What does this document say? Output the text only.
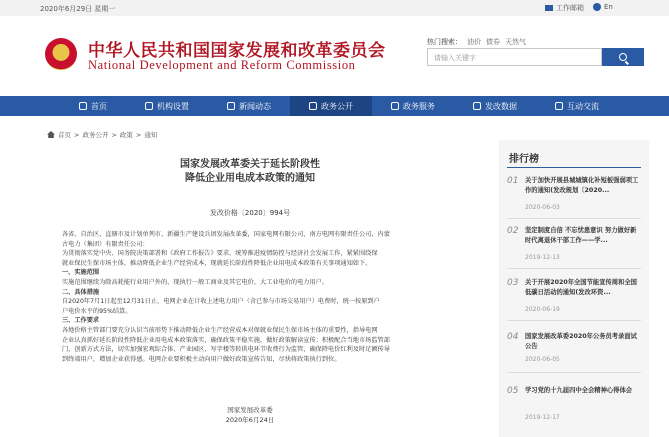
2020年6月29日 星期一	工作邮箱	En
中华人民共和国国家发展和改革委员会
National Development and Reform Commission
热门搜索： 油价 债券 天然气
请输入关键字
首页	机构设置	新闻动态	政务公开	政务服务	发改数据	互动交流
首页 > 政务公开 > 政策 > 通知
国家发展改革委关于延长阶段性
降低企业用电成本政策的通知
发改价格〔2020〕994号

各省、自治区、直辖市及计划单列市、新疆生产建设兵团发展改革委，国家电网有限公司、南方电网有限责任公司、内蒙

古电力（集团）有限责任公司：

为贯彻落实党中央、国务院决策部署和《政府工作报告》要求，统筹推进疫情防控与经济社会发展工作，紧紧围绕保

就业保民生保市场主体，推动降低企业生产经营成本，现就延长阶段性降低企业用电成本政策有关事项通知如下。

一、实施范围

实施范围继续为除高耗能行业用户外的、现执行一般工商业及其它电价、大工业电价的电力用户。

二、具体措施

自2020年7月1日起至12月31日止，电网企业在计收上述电力用户（含已参与市场交易用户）电费时，统一按原到户

户电价水平的95%结算。

三、工作要求

各地价格主管部门要充分认识当前形势下推动降低企业生产经营成本对保就业保民生保市场主体的重要性，指导电网

企业认真抓好延长阶段性降低企业用电成本政策落实，确保政策平稳实施，做好政策解读宣传；积极配合当地市场监管部

门，创新方式方法，切实加强宏观综合体、产业园区、写字楼等转供电环节收费行为监管，确保降电价红利及时足额传导

到终端用户，增加企业获得感。电网企业要积极主动向用户做好政策宣传告知，尽快将政策执行到位。

国家发展改革委
2020年6月24日
排行榜
01 关于加快开展县城城镇化补短板强弱项工作的通知(发改规划〔2020...
2020-06-03
02 坚定制度自信 不忘忧患意识 努力做好新时代离退休干部工作——学...
2019-12-13
03 关于开展2020年全国节能宣传周和全国低碳日活动的通知(发改环资...
2020-06-19
04 国家发展改革委2020年公务员考录面试公告
2020-06-05
05 学习党的十九届四中全会精神心得体会
2019-12-17
